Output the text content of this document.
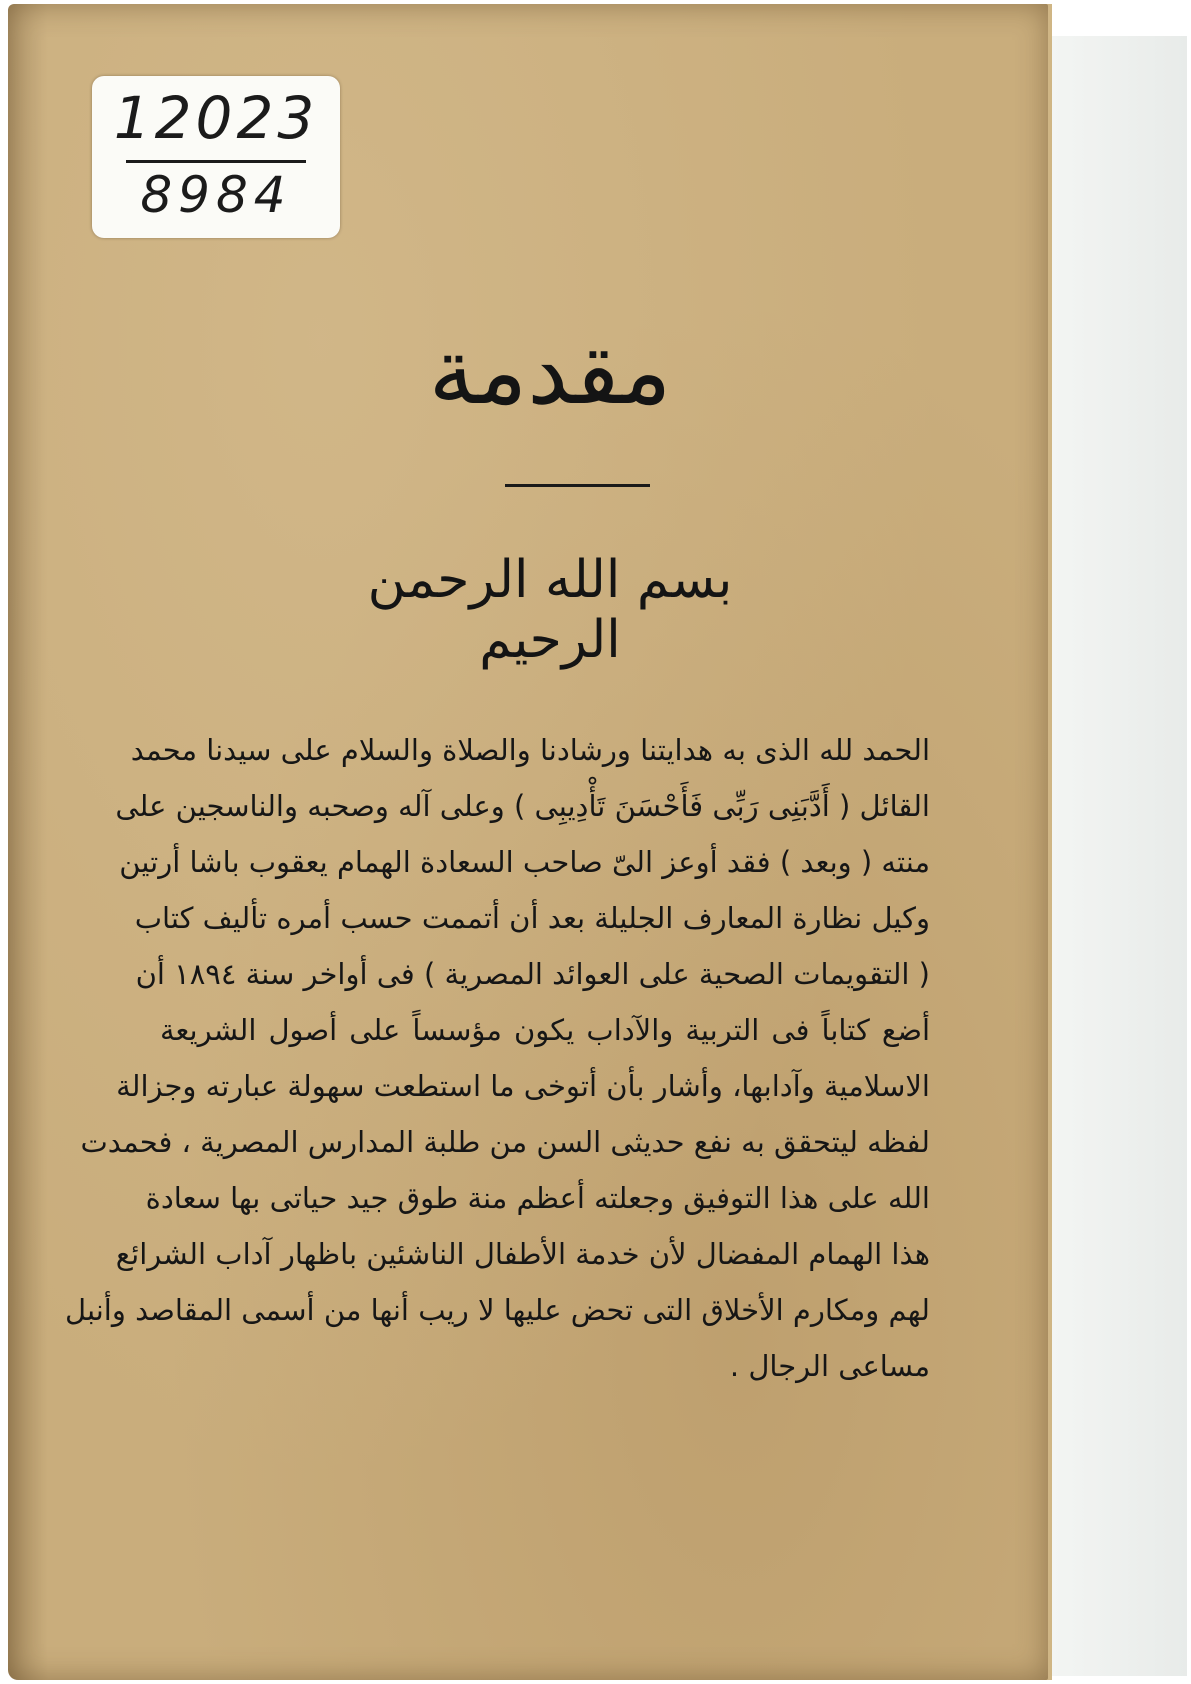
12023
8984
مقدمة
بسم الله الرحمن الرحيم
الحمد لله الذى به هدايتنا ورشادنا والصلاة والسلام على سيدنا محمد
القائل ( أَدَّبَنِى رَبِّى فَأَحْسَنَ تَأْدِيبِى ) وعلى آله وصحبه والناسجين على
منته ( وبعد ) فقد أوعز الىّ صاحب السعادة الهمام يعقوب باشا أرتين
وكيل نظارة المعارف الجليلة بعد أن أتممت حسب أمره تأليف كتاب
( التقويمات الصحية على العوائد المصرية ) فى أواخر سنة ١٨٩٤ أن
أضع كتاباً فى التربية والآداب يكون مؤسساً على أصول الشريعة
الاسلامية وآدابها، وأشار بأن أتوخى ما استطعت سهولة عبارته وجزالة
لفظه ليتحقق به نفع حديثى السن من طلبة المدارس المصرية ، فحمدت
الله على هذا التوفيق وجعلته أعظم منة طوق جيد حياتى بها سعادة
هذا الهمام المفضال لأن خدمة الأطفال الناشئين باظهار آداب الشرائع
لهم ومكارم الأخلاق التى تحض عليها لا ريب أنها من أسمى المقاصد وأنبل
مساعى الرجال .
